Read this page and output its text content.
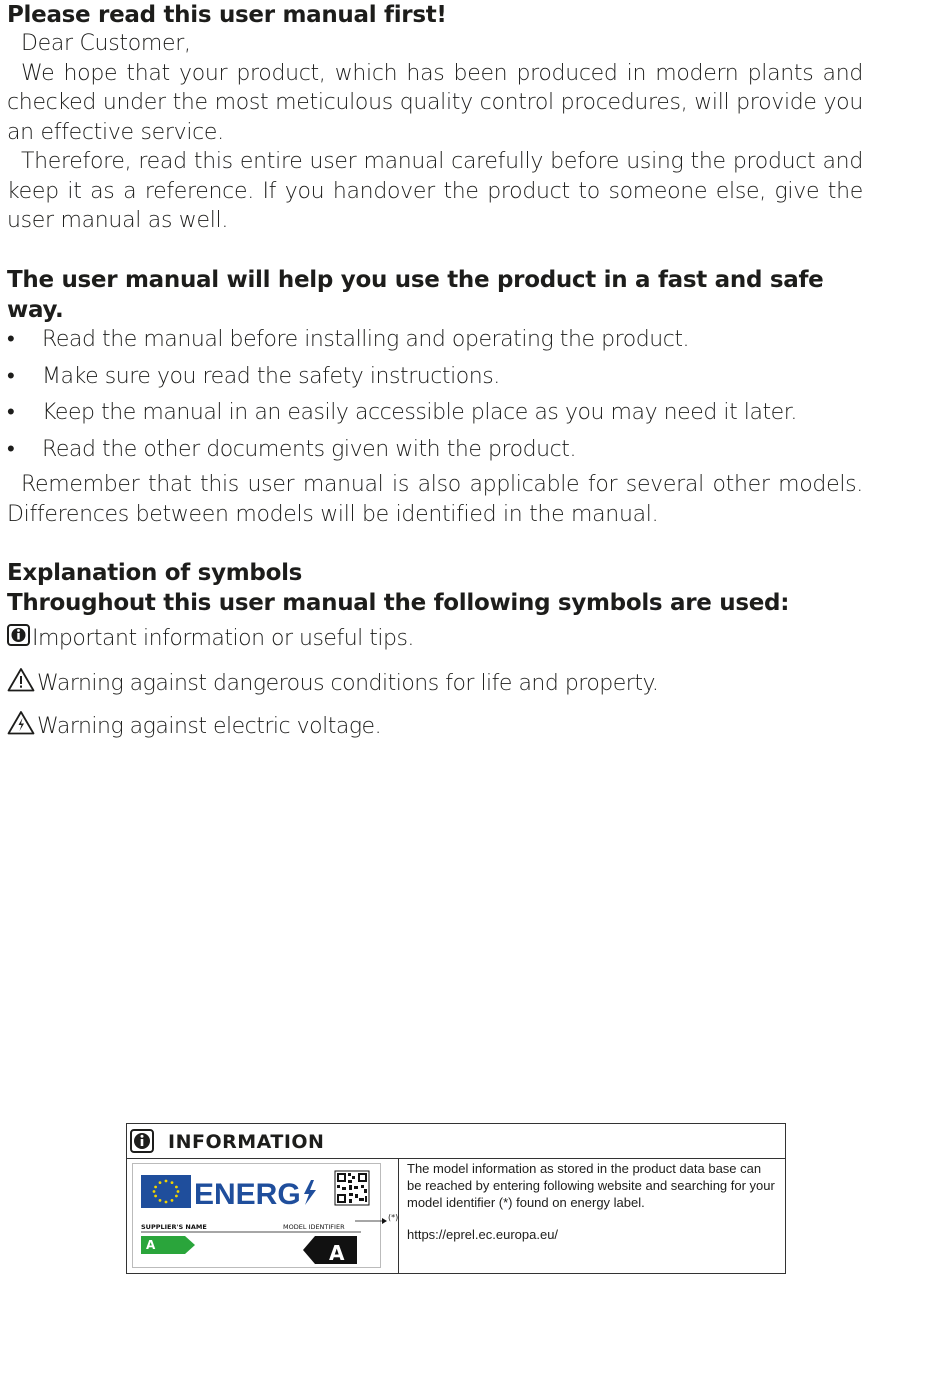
Please read this user manual first!

Dear Customer,

We hope that your product, which has been produced in modern plants and checked under the most meticulous quality control procedures, will provide you an effective service.

Therefore, read this entire user manual carefully before using the product and keep it as a reference. If you handover the product to someone else, give the user manual as well.

The user manual will help you use the product in a fast and safe way.
• Read the manual before installing and operating the product.
• Make sure you read the safety instructions.
• Keep the manual in an easily accessible place as you may need it later.
• Read the other documents given with the product.

Remember that this user manual is also applicable for several other models. Differences between models will be identified in the manual.

Explanation of symbols
Throughout this user manual the following symbols are used:
Important information or useful tips.
Warning against dangerous conditions for life and property.
Warning against electric voltage.
INFORMATION
ENERG
SUPPLIER'S NAME	MODEL IDENTIFIER
A	A
(*)

The model information as stored in the product data base can be reached by entering following website and searching for your model identifier (*) found on energy label.

https://eprel.ec.europa.eu/
